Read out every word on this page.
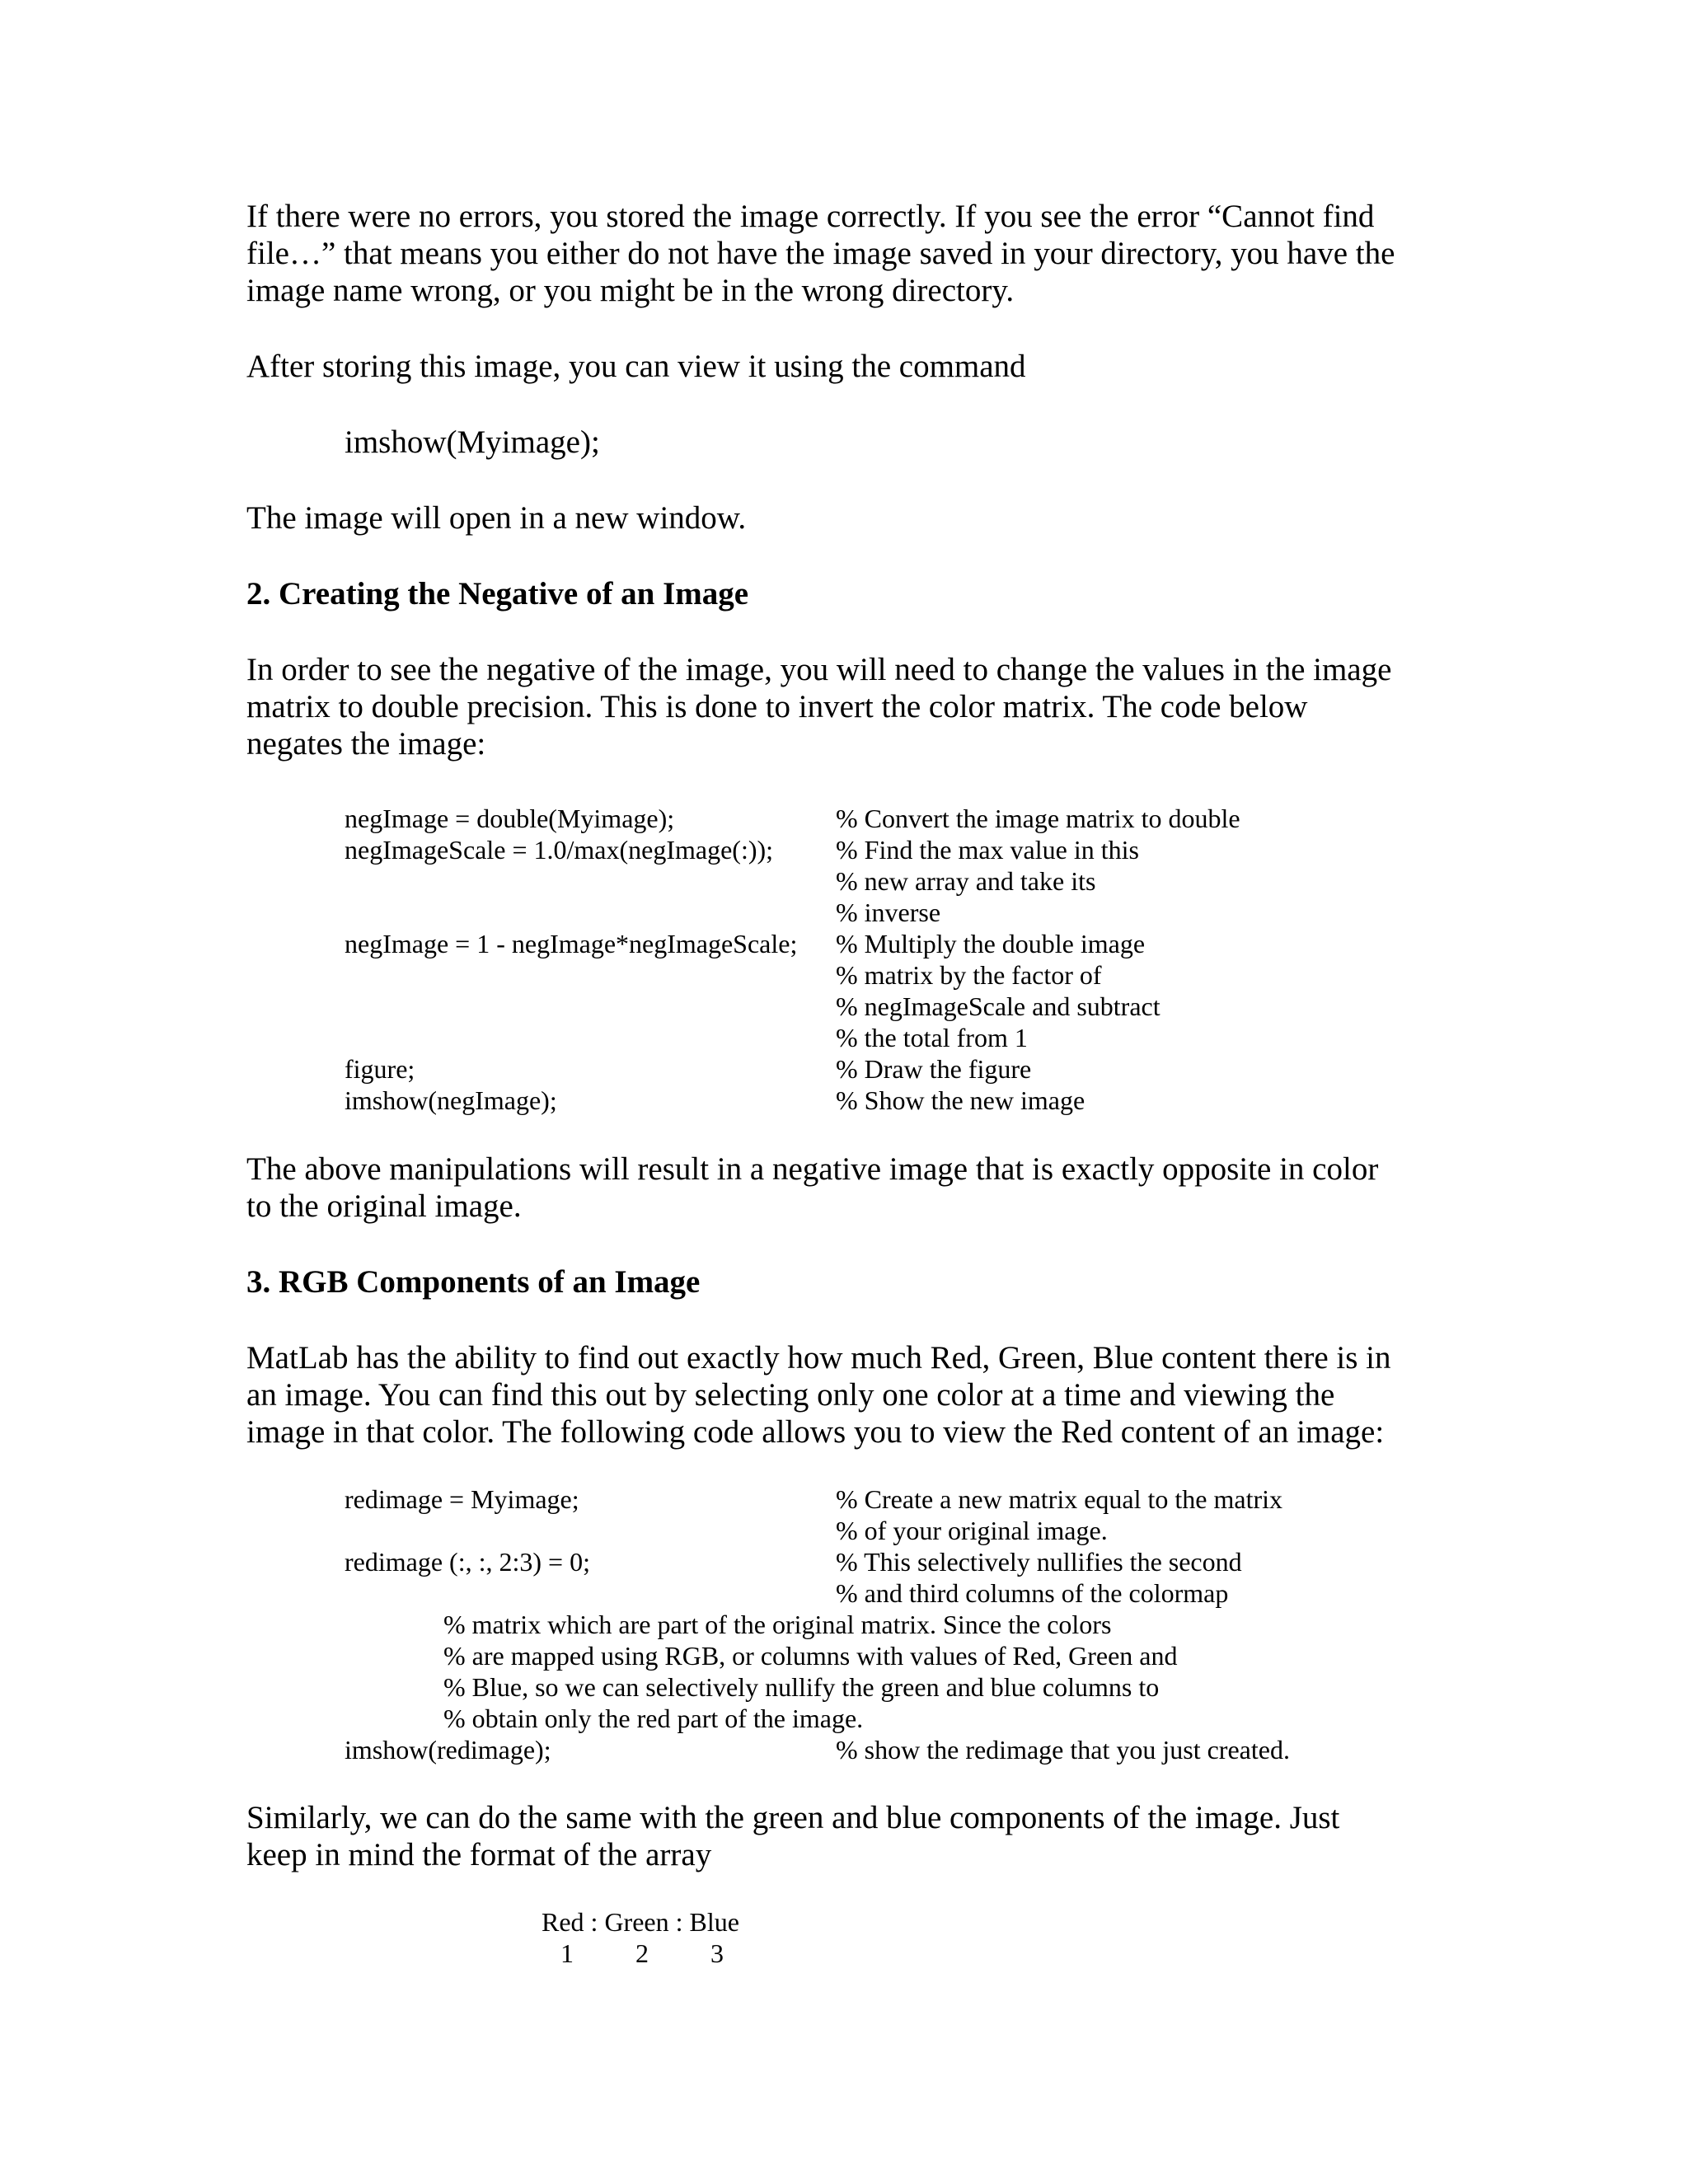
If there were no errors, you stored the image correctly. If you see the error “Cannot find

file…” that means you either do not have the image saved in your directory, you have the

image name wrong, or you might be in the wrong directory.

After storing this image, you can view it using the command

imshow(Myimage);

The image will open in a new window.

2. Creating the Negative of an Image

In order to see the negative of the image, you will need to change the values in the image

matrix to double precision. This is done to invert the color matrix. The code below

negates the image:

negImage = double(Myimage);	% Convert the image matrix to double

negImageScale = 1.0/max(negImage(:)); % Find the max value in this

% new array and take its

% inverse

negImage = 1 - negImage*negImageScale; % Multiply the double image

% matrix by the factor of

% negImageScale and subtract

% the total from 1

figure;	% Draw the figure

imshow(negImage);	% Show the new image

The above manipulations will result in a negative image that is exactly opposite in color

to the original image.

3. RGB Components of an Image

MatLab has the ability to find out exactly how much Red, Green, Blue content there is in

an image. You can find this out by selecting only one color at a time and viewing the

image in that color. The following code allows you to view the Red content of an image:

redimage = Myimage;	% Create a new matrix equal to the matrix

% of your original image.

redimage (:, :, 2:3) = 0;	% This selectively nullifies the second

% and third columns of the colormap

% matrix which are part of the original matrix. Since the colors

% are mapped using RGB, or columns with values of Red, Green and

% Blue, so we can selectively nullify the green and blue columns to

% obtain only the red part of the image.

imshow(redimage);	% show the redimage that you just created.

Similarly, we can do the same with the green and blue components of the image. Just

keep in mind the format of the array

Red : Green : Blue

1 2 3
